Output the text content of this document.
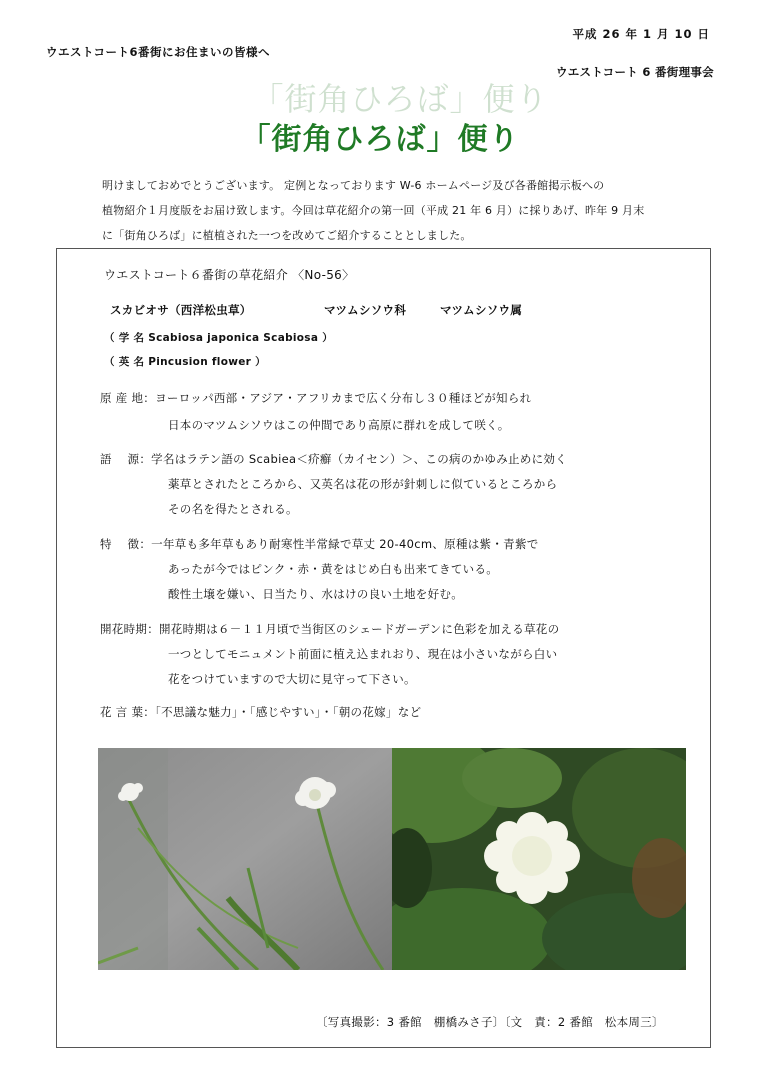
ウエストコート6番街にお住まいの皆様へ
平成 26 年 1 月 10 日
ウエストコート 6 番街理事会
「街角ひろば」便り
「街角ひろば」便り
明けましておめでとうございます。 定例となっております W-6 ホームページ及び各番館掲示板への
植物紹介１月度版をお届け致します。今回は草花紹介の第一回（平成 21 年 6 月）に採りあげ、昨年 9 月末
に「街角ひろば」に植植された一つを改めてご紹介することとしました。
ウエストコート６番街の草花紹介 〈No-56〉
スカビオサ（西洋松虫草）	マツムシソウ科	マツムシソウ属
（ 学 名 Scabiosa japonica Scabiosa ）
（ 英 名 Pincusion flower ）
原 産 地：ヨーロッパ西部・アジア・アフリカまで広く分布し３０種ほどが知られ
日本のマツムシソウはこの仲間であり高原に群れを成して咲く。
語　 源：学名はラテン語の Scabiea＜疥癬（カイセン）＞、この病のかゆみ止めに効く
薬草とされたところから、又英名は花の形が針刺しに似ているところから
その名を得たとされる。
特　 徴：一年草も多年草もあり耐寒性半常緑で草丈 20-40cm、原種は紫・青紫で
あったが今ではピンク・赤・黄をはじめ白も出来てきている。
酸性土壌を嫌い、日当たり、水はけの良い土地を好む。
開花時期：開花時期は６－１１月頃で当街区のシェードガーデンに色彩を加える草花の
一つとしてモニュメント前面に植え込まれおり、現在は小さいながら白い
花をつけていますので大切に見守って下さい。
花 言 葉：「不思議な魅力」・「感じやすい」・「朝の花嫁」など
〔写真撮影：3 番館　棚橋みさ子〕〔文　責：2 番館　松本周三〕
